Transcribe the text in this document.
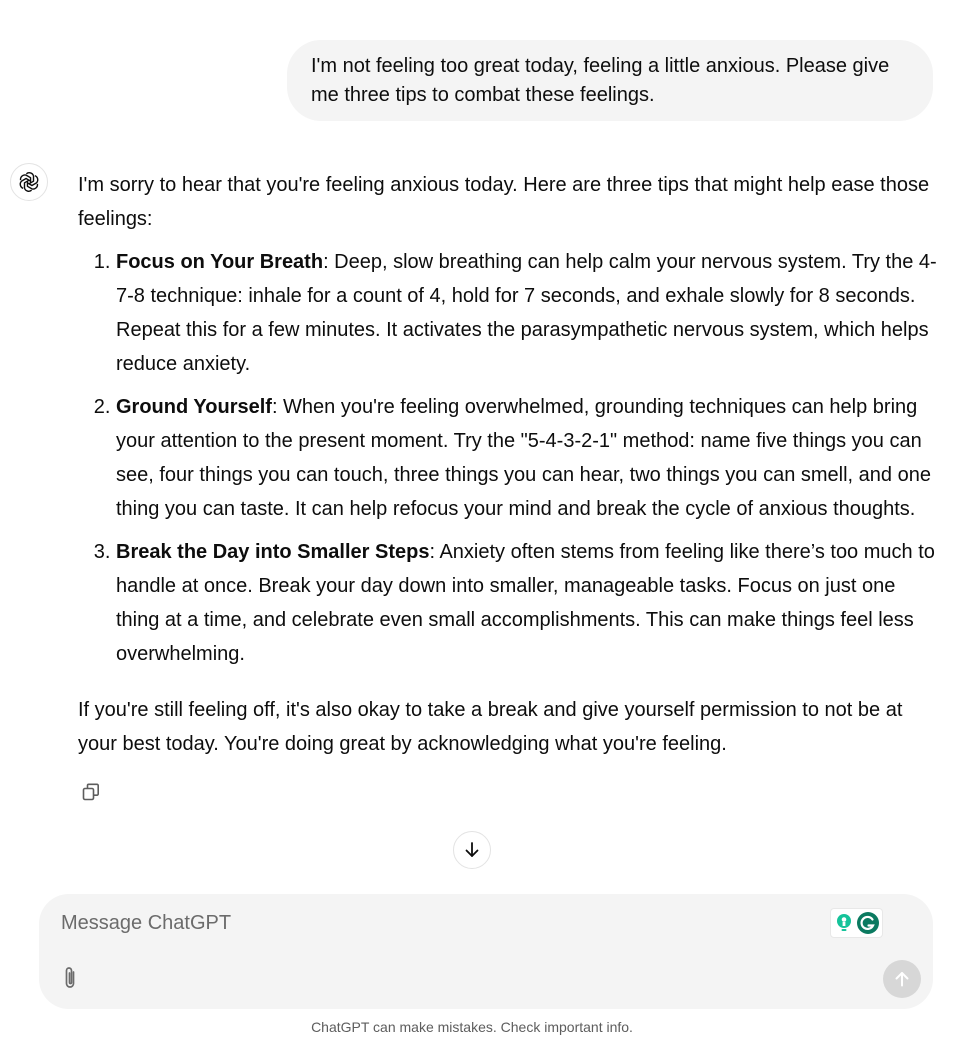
I'm not feeling too great today, feeling a little anxious. Please give me three tips to combat these feelings.

I'm sorry to hear that you're feeling anxious today. Here are three tips that might help ease those feelings:

1. Focus on Your Breath: Deep, slow breathing can help calm your nervous system. Try the 4-7-8 technique: inhale for a count of 4, hold for 7 seconds, and exhale slowly for 8 seconds. Repeat this for a few minutes. It activates the parasympathetic nervous system, which helps reduce anxiety.
2. Ground Yourself: When you're feeling overwhelmed, grounding techniques can help bring your attention to the present moment. Try the "5-4-3-2-1" method: name five things you can see, four things you can touch, three things you can hear, two things you can smell, and one thing you can taste. It can help refocus your mind and break the cycle of anxious thoughts.
3. Break the Day into Smaller Steps: Anxiety often stems from feeling like there’s too much to handle at once. Break your day down into smaller, manageable tasks. Focus on just one thing at a time, and celebrate even small accomplishments. This can make things feel less overwhelming.

If you're still feeling off, it's also okay to take a break and give yourself permission to not be at your best today. You're doing great by acknowledging what you're feeling.

Message ChatGPT
ChatGPT can make mistakes. Check important info.
